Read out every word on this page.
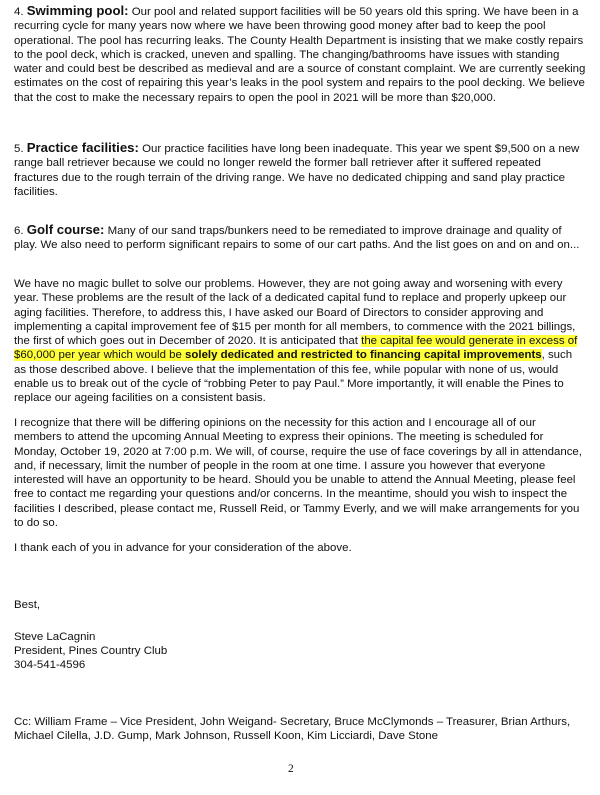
4. Swimming pool: Our pool and related support facilities will be 50 years old this spring. We have been in a recurring cycle for many years now where we have been throwing good money after bad to keep the pool operational. The pool has recurring leaks. The County Health Department is insisting that we make costly repairs to the pool deck, which is cracked, uneven and spalling. The changing/bathrooms have issues with standing water and could best be described as medieval and are a source of constant complaint. We are currently seeking estimates on the cost of repairing this year’s leaks in the pool system and repairs to the pool decking. We believe that the cost to make the necessary repairs to open the pool in 2021 will be more than $20,000.

5. Practice facilities: Our practice facilities have long been inadequate. This year we spent $9,500 on a new range ball retriever because we could no longer reweld the former ball retriever after it suffered repeated fractures due to the rough terrain of the driving range. We have no dedicated chipping and sand play practice facilities.

6. Golf course: Many of our sand traps/bunkers need to be remediated to improve drainage and quality of play. We also need to perform significant repairs to some of our cart paths. And the list goes on and on and on...

We have no magic bullet to solve our problems. However, they are not going away and worsening with every year. These problems are the result of the lack of a dedicated capital fund to replace and properly upkeep our aging facilities. Therefore, to address this, I have asked our Board of Directors to consider approving and implementing a capital improvement fee of $15 per month for all members, to commence with the 2021 billings, the first of which goes out in December of 2020. It is anticipated that the capital fee would generate in excess of $60,000 per year which would be solely dedicated and restricted to financing capital improvements, such as those described above. I believe that the implementation of this fee, while popular with none of us, would enable us to break out of the cycle of “robbing Peter to pay Paul.” More importantly, it will enable the Pines to replace our ageing facilities on a consistent basis.

I recognize that there will be differing opinions on the necessity for this action and I encourage all of our members to attend the upcoming Annual Meeting to express their opinions. The meeting is scheduled for Monday, October 19, 2020 at 7:00 p.m. We will, of course, require the use of face coverings by all in attendance, and, if necessary, limit the number of people in the room at one time. I assure you however that everyone interested will have an opportunity to be heard. Should you be unable to attend the Annual Meeting, please feel free to contact me regarding your questions and/or concerns. In the meantime, should you wish to inspect the facilities I described, please contact me, Russell Reid, or Tammy Everly, and we will make arrangements for you to do so.

I thank each of you in advance for your consideration of the above.

Best,

Steve LaCagnin

President, Pines Country Club

304-541-4596

Cc: William Frame – Vice President, John Weigand- Secretary, Bruce McClymonds – Treasurer, Brian Arthurs, Michael Cilella, J.D. Gump, Mark Johnson, Russell Koon, Kim Licciardi, Dave Stone

2
